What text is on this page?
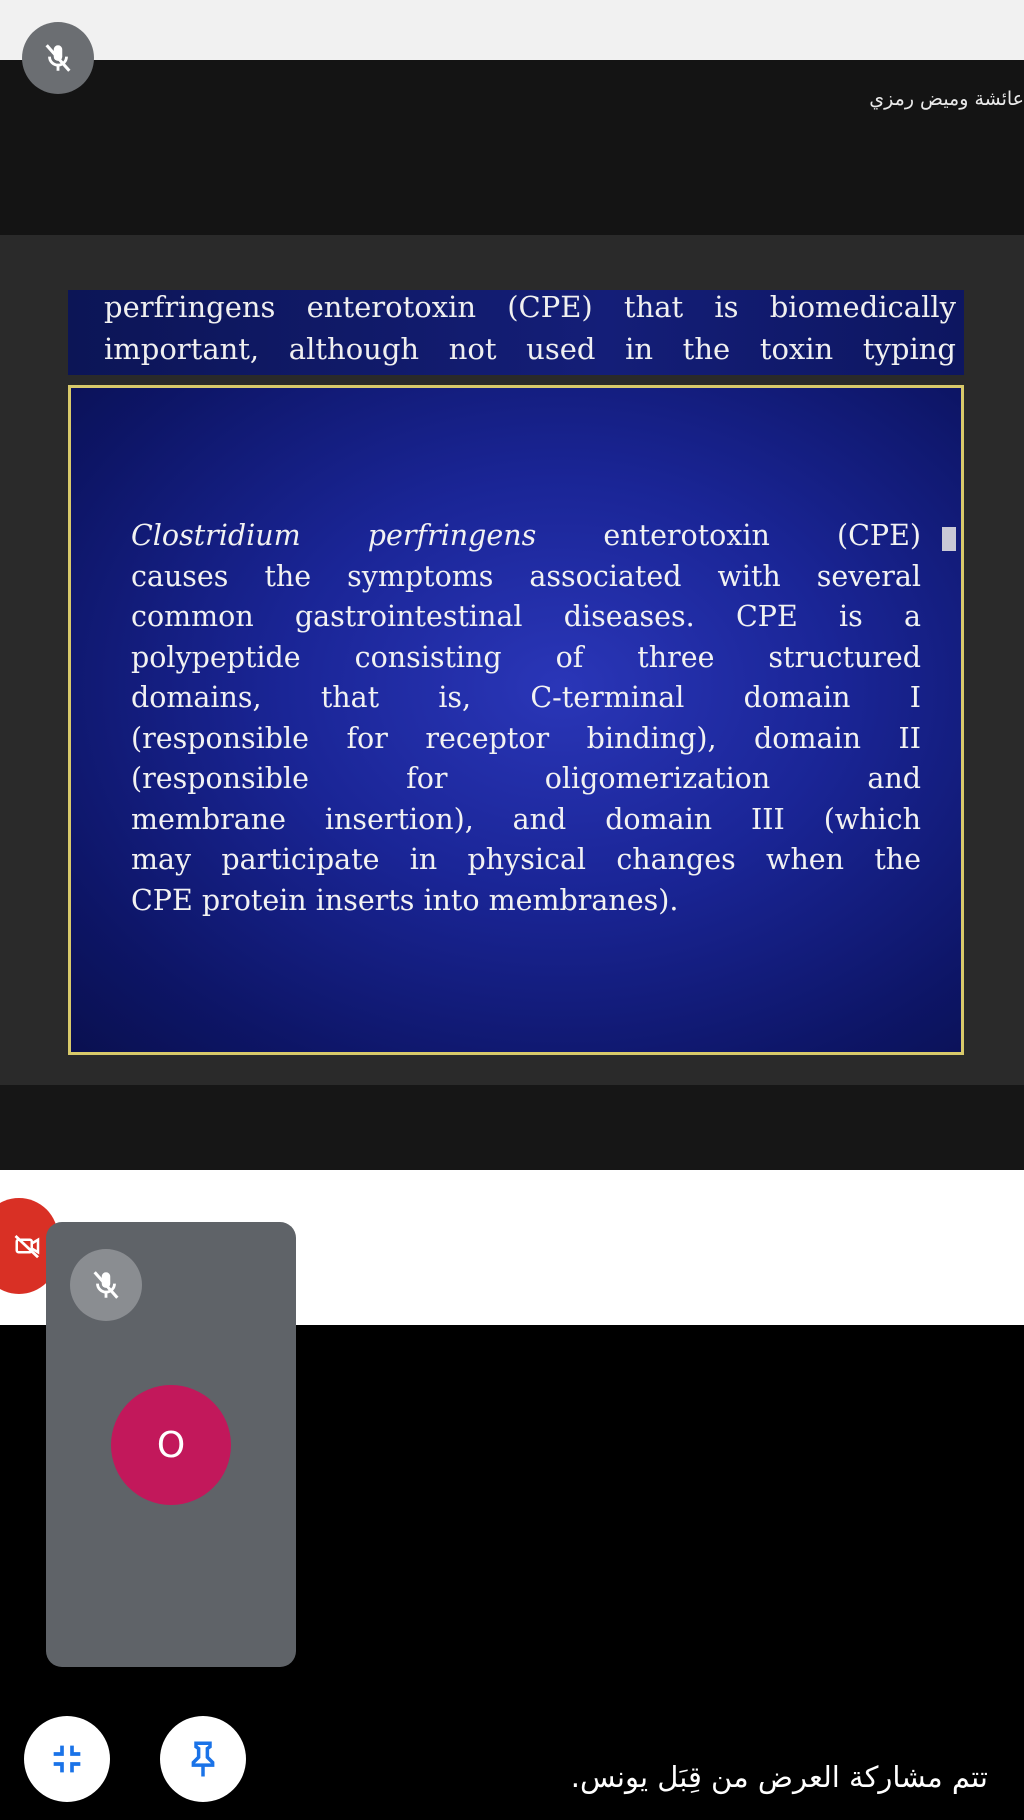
عائشة وميض رمزي
perfringens enterotoxin (CPE) that is biomedically
important, although not used in the toxin typing
Clostridium perfringens enterotoxin (CPE)
causes the symptoms associated with several
common gastrointestinal diseases. CPE is a
polypeptide consisting of three structured
domains, that is, C-terminal domain I
(responsible for receptor binding), domain II
(responsible for oligomerization and
membrane insertion), and domain III (which
may participate in physical changes when the
CPE protein inserts into membranes).
O
تتم مشاركة العرض من قِبَل يونس.
